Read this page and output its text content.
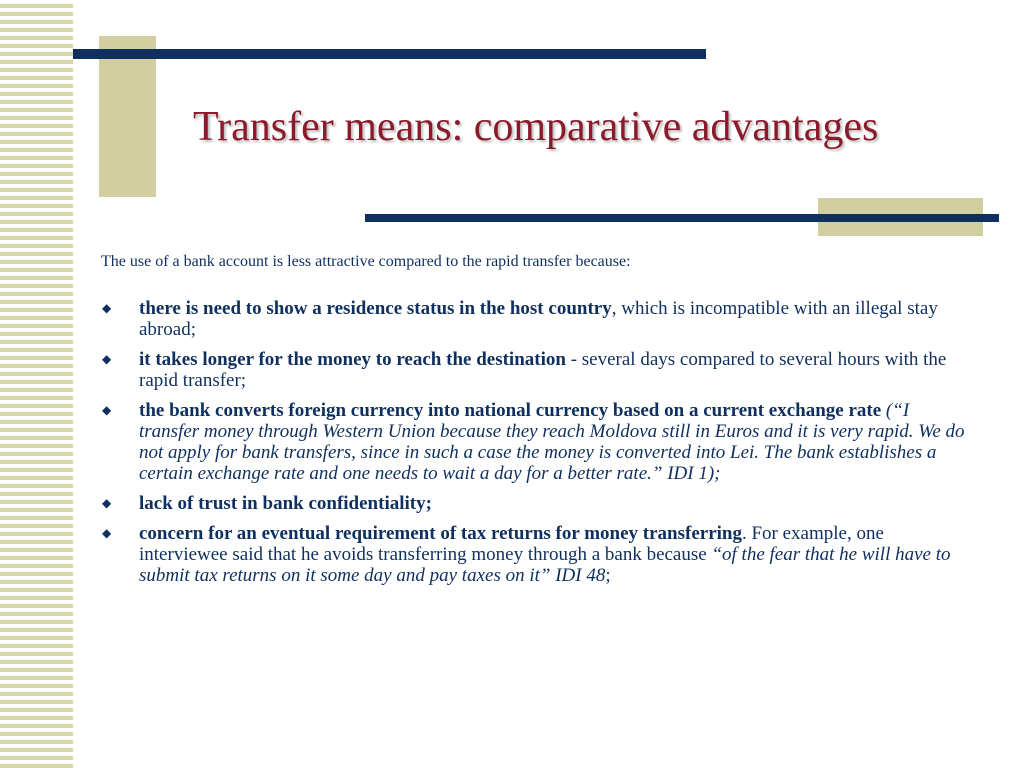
Transfer means: comparative advantages
The use of a bank account is less attractive compared to the rapid transfer because:
◆ there is need to show a residence status in the host country, which is incompatible with an illegal stay abroad;
◆ it takes longer for the money to reach the destination - several days compared to several hours with the rapid transfer;
◆ the bank converts foreign currency into national currency based on a current exchange rate (“I transfer money through Western Union because they reach Moldova still in Euros and it is very rapid. We do not apply for bank transfers, since in such a case the money is converted into Lei. The bank establishes a certain exchange rate and one needs to wait a day for a better rate.” IDI 1);
◆ lack of trust in bank confidentiality;
◆ concern for an eventual requirement of tax returns for money transferring. For example, one interviewee said that he avoids transferring money through a bank because “of the fear that he will have to submit tax returns on it some day and pay taxes on it” IDI 48;
